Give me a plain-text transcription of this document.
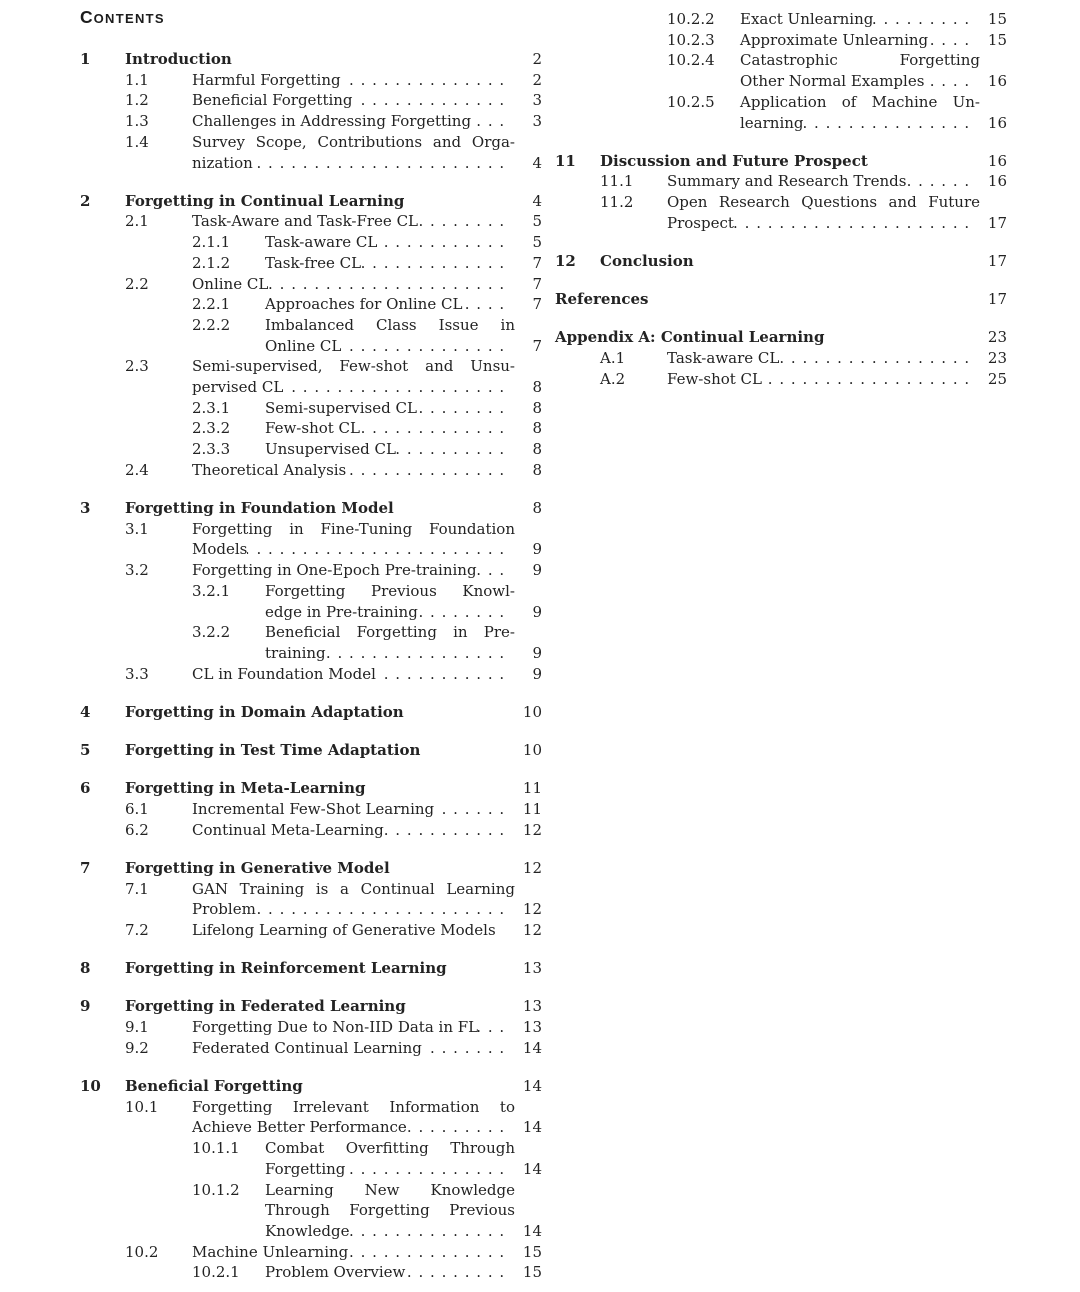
CONTENTS
1	Introduction	2
1.1	Harmful Forgetting .....	2
1.2	Beneficial Forgetting .....	3
1.3	Challenges in Addressing Forgetting .....	3
1.4	Survey Scope, Contributions and Orga-
nization .....	4
2	Forgetting in Continual Learning	4
2.1	Task-Aware and Task-Free CL .....	5
2.1.1	Task-aware CL .....	5
2.1.2	Task-free CL .....	7
2.2	Online CL .....	7
2.2.1	Approaches for Online CL .....	7
2.2.2	Imbalanced Class Issue in
Online CL .....	7
2.3	Semi-supervised, Few-shot and Unsu-
pervised CL .....	8
2.3.1	Semi-supervised CL .....	8
2.3.2	Few-shot CL .....	8
2.3.3	Unsupervised CL .....	8
2.4	Theoretical Analysis .....	8
3	Forgetting in Foundation Model	8
3.1	Forgetting in Fine-Tuning Foundation
Models .....	9
3.2	Forgetting in One-Epoch Pre-training .....	9
3.2.1	Forgetting Previous Knowl-
edge in Pre-training .....	9
3.2.2	Beneficial Forgetting in Pre-
training .....	9
3.3	CL in Foundation Model .....	9
4	Forgetting in Domain Adaptation	10
5	Forgetting in Test Time Adaptation	10
6	Forgetting in Meta-Learning	11
6.1	Incremental Few-Shot Learning .....	11
6.2	Continual Meta-Learning .....	12
7	Forgetting in Generative Model	12
7.1	GAN Training is a Continual Learning
Problem .....	12
7.2	Lifelong Learning of Generative Models	12
8	Forgetting in Reinforcement Learning	13
9	Forgetting in Federated Learning	13
9.1	Forgetting Due to Non-IID Data in FL .....	13
9.2	Federated Continual Learning .....	14
10	Beneficial Forgetting	14
10.1	Forgetting Irrelevant Information to
Achieve Better Performance .....	14
10.1.1	Combat Overfitting Through
Forgetting .....	14
10.1.2	Learning New Knowledge
Through Forgetting Previous
Knowledge .....	14
10.2	Machine Unlearning .....	15
10.2.1	Problem Overview .....	15
10.2.2	Exact Unlearning .....	15
10.2.3	Approximate Unlearning .....	15
10.2.4	Catastrophic Forgetting
Other Normal Examples .....	16
10.2.5	Application of Machine Un-
learning .....	16
11	Discussion and Future Prospect	16
11.1	Summary and Research Trends .....	16
11.2	Open Research Questions and Future
Prospect .....	17
12	Conclusion	17
References	17
Appendix A: Continual Learning	23
A.1	Task-aware CL .....	23
A.2	Few-shot CL .....	25
